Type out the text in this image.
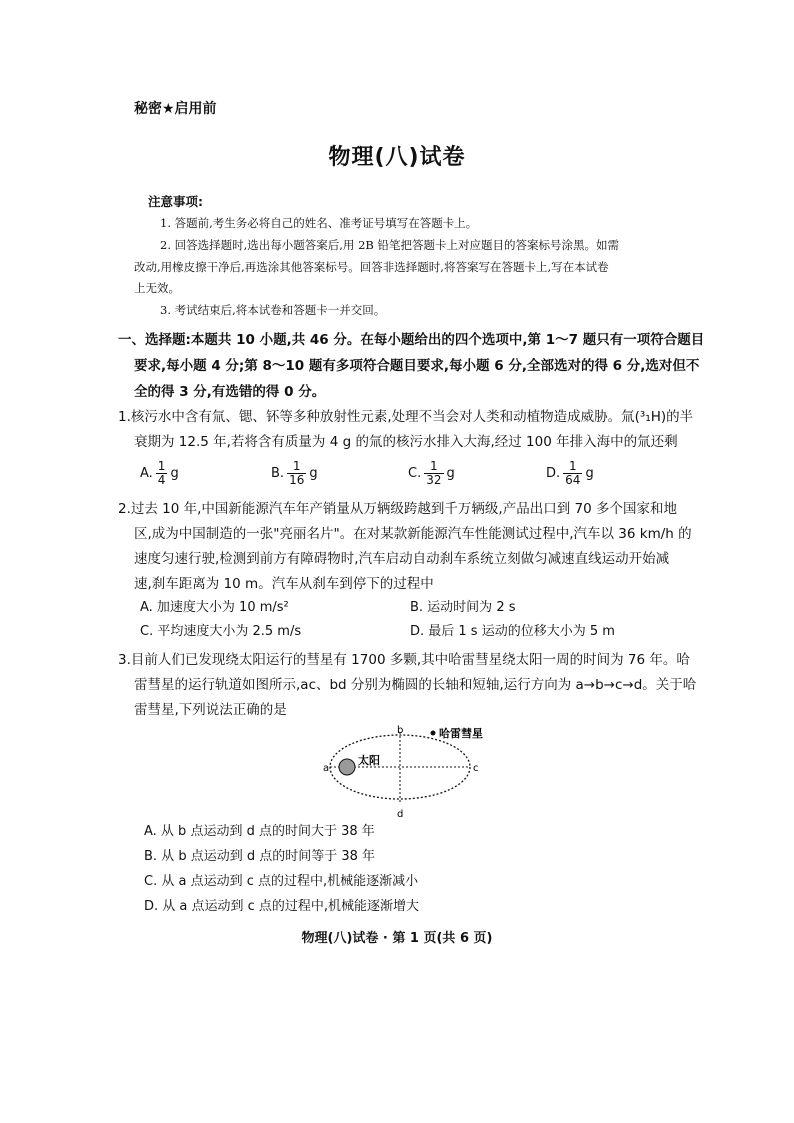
秘密★启用前
物理(八)试卷
注意事项:
1. 答题前,考生务必将自己的姓名、准考证号填写在答题卡上。
2. 回答选择题时,选出每小题答案后,用 2B 铅笔把答题卡上对应题目的答案标号涂黑。如需
改动,用橡皮擦干净后,再选涂其他答案标号。回答非选择题时,将答案写在答题卡上,写在本试卷
上无效。
3. 考试结束后,将本试卷和答题卡一并交回。
一、选择题:本题共 10 小题,共 46 分。在每小题给出的四个选项中,第 1～7 题只有一项符合题目
要求,每小题 4 分;第 8～10 题有多项符合题目要求,每小题 6 分,全部选对的得 6 分,选对但不
全的得 3 分,有选错的得 0 分。
1.核污水中含有氚、锶、钚等多种放射性元素,处理不当会对人类和动植物造成威胁。氚(³₁H)的半
衰期为 12.5 年,若将含有质量为 4 g 的氚的核污水排入大海,经过 100 年排入海中的氚还剩
A. $\frac{1}{4}$ g	B. $\frac{1}{16}$ g	C. $\frac{1}{32}$ g	D. $\frac{1}{64}$ g
2.过去 10 年,中国新能源汽车年产销量从万辆级跨越到千万辆级,产品出口到 70 多个国家和地
区,成为中国制造的一张"亮丽名片"。在对某款新能源汽车性能测试过程中,汽车以 36 km/h 的
速度匀速行驶,检测到前方有障碍物时,汽车启动自动刹车系统立刻做匀减速直线运动开始减
速,刹车距离为 10 m。汽车从刹车到停下的过程中
A. 加速度大小为 10 m/s²	B. 运动时间为 2 s
C. 平均速度大小为 2.5 m/s	D. 最后 1 s 运动的位移大小为 5 m
3.目前人们已发现绕太阳运行的彗星有 1700 多颗,其中哈雷彗星绕太阳一周的时间为 76 年。哈
雷彗星的运行轨道如图所示,ac、bd 分别为椭圆的长轴和短轴,运行方向为 a→b→c→d。关于哈
雷彗星,下列说法正确的是
太阳
哈雷彗星
a
b
c
d
A. 从 b 点运动到 d 点的时间大于 38 年
B. 从 b 点运动到 d 点的时间等于 38 年
C. 从 a 点运动到 c 点的过程中,机械能逐渐减小
D. 从 a 点运动到 c 点的过程中,机械能逐渐增大
物理(八)试卷 · 第 1 页(共 6 页)
